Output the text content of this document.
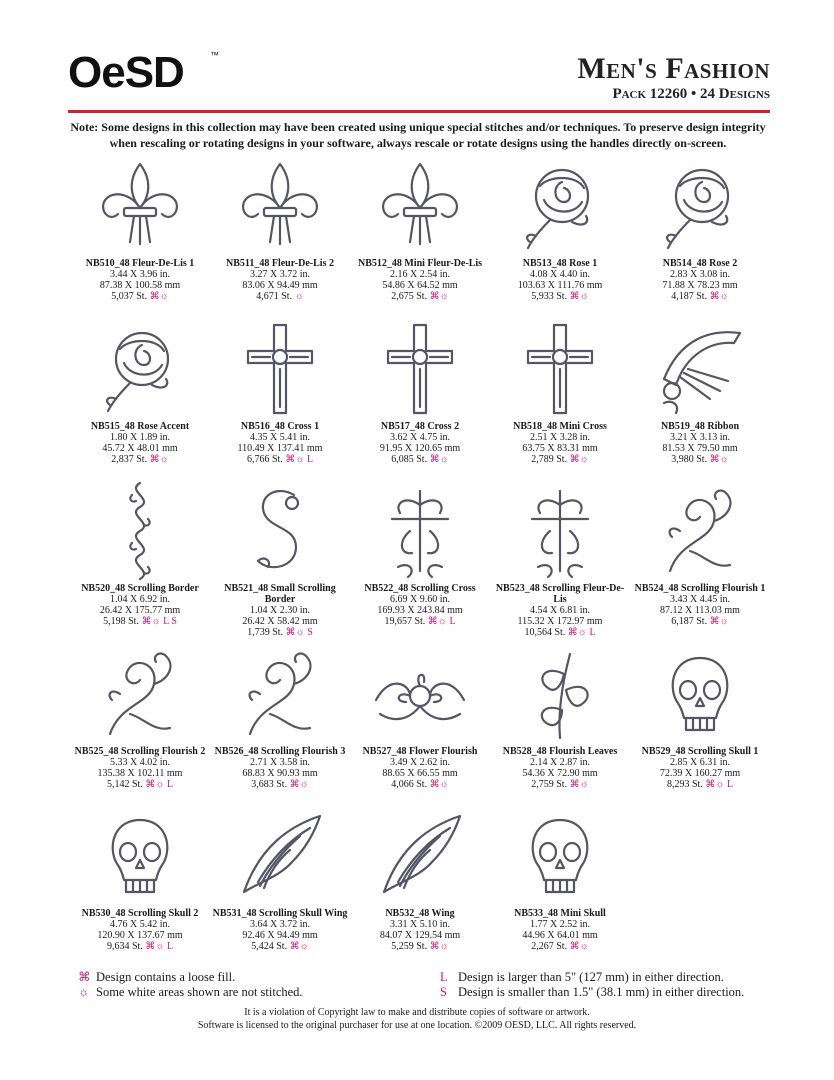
OeSD	™	Men's Fashion
Pack 12260 • 24 Designs
Note: Some designs in this collection may have been created using unique special stitches and/or techniques. To preserve design integrity when rescaling or rotating designs in your software, always rescale or rotate designs using the handles directly on-screen.
NB510_48 Fleur-De-Lis 1
3.44 X 3.96 in.
87.38 X 100.58 mm
5,037 St. ⌘☼
NB511_48 Fleur-De-Lis 2
3.27 X 3.72 in.
83.06 X 94.49 mm
4,671 St. ☼
NB512_48 Mini Fleur-De-Lis
2.16 X 2.54 in.
54.86 X 64.52 mm
2,675 St. ⌘☼
NB513_48 Rose 1
4.08 X 4.40 in.
103.63 X 111.76 mm
5,933 St. ⌘☼
NB514_48 Rose 2
2.83 X 3.08 in.
71.88 X 78.23 mm
4,187 St. ⌘☼
NB515_48 Rose Accent
1.80 X 1.89 in.
45.72 X 48.01 mm
2,837 St. ⌘☼
NB516_48 Cross 1
4.35 X 5.41 in.
110.49 X 137.41 mm
6,766 St. ⌘☼ L
NB517_48 Cross 2
3.62 X 4.75 in.
91.95 X 120.65 mm
6,085 St. ⌘☼
NB518_48 Mini Cross
2.51 X 3.28 in.
63.75 X 83.31 mm
2,789 St. ⌘☼
NB519_48 Ribbon
3.21 X 3.13 in.
81.53 X 79.50 mm
3,980 St. ⌘☼
NB520_48 Scrolling Border
1.04 X 6.92 in.
26.42 X 175.77 mm
5,198 St. ⌘☼ L S
NB521_48 Small Scrolling Border
1.04 X 2.30 in.
26.42 X 58.42 mm
1,739 St. ⌘☼ S
NB522_48 Scrolling Cross
6.69 X 9.60 in.
169.93 X 243.84 mm
19,657 St. ⌘☼ L
NB523_48 Scrolling Fleur-De-Lis
4.54 X 6.81 in.
115.32 X 172.97 mm
10,564 St. ⌘☼ L
NB524_48 Scrolling Flourish 1
3.43 X 4.45 in.
87.12 X 113.03 mm
6,187 St. ⌘☼
NB525_48 Scrolling Flourish 2
5.33 X 4.02 in.
135.38 X 102.11 mm
5,142 St. ⌘☼ L
NB526_48 Scrolling Flourish 3
2.71 X 3.58 in.
68.83 X 90.93 mm
3,683 St. ⌘☼
NB527_48 Flower Flourish
3.49 X 2.62 in.
88.65 X 66.55 mm
4,066 St. ⌘☼
NB528_48 Flourish Leaves
2.14 X 2.87 in.
54.36 X 72.90 mm
2,759 St. ⌘☼
NB529_48 Scrolling Skull 1
2.85 X 6.31 in.
72.39 X 160.27 mm
8,293 St. ⌘☼ L
NB530_48 Scrolling Skull 2
4.76 X 5.42 in.
120.90 X 137.67 mm
9,634 St. ⌘☼ L
NB531_48 Scrolling Skull Wing
3.64 X 3.72 in.
92.46 X 94.49 mm
5,424 St. ⌘☼
NB532_48 Wing
3.31 X 5.10 in.
84.07 X 129.54 mm
5,259 St. ⌘☼
NB533_48 Mini Skull
1.77 X 2.52 in.
44.96 X 64.01 mm
2,267 St. ⌘☼
⌘ Design contains a loose fill.
☼ Some white areas shown are not stitched.
L Design is larger than 5" (127 mm) in either direction.
S Design is smaller than 1.5" (38.1 mm) in either direction.
It is a violation of Copyright law to make and distribute copies of software or artwork.
Software is licensed to the original purchaser for use at one location. ©2009 OESD, LLC. All rights reserved.
